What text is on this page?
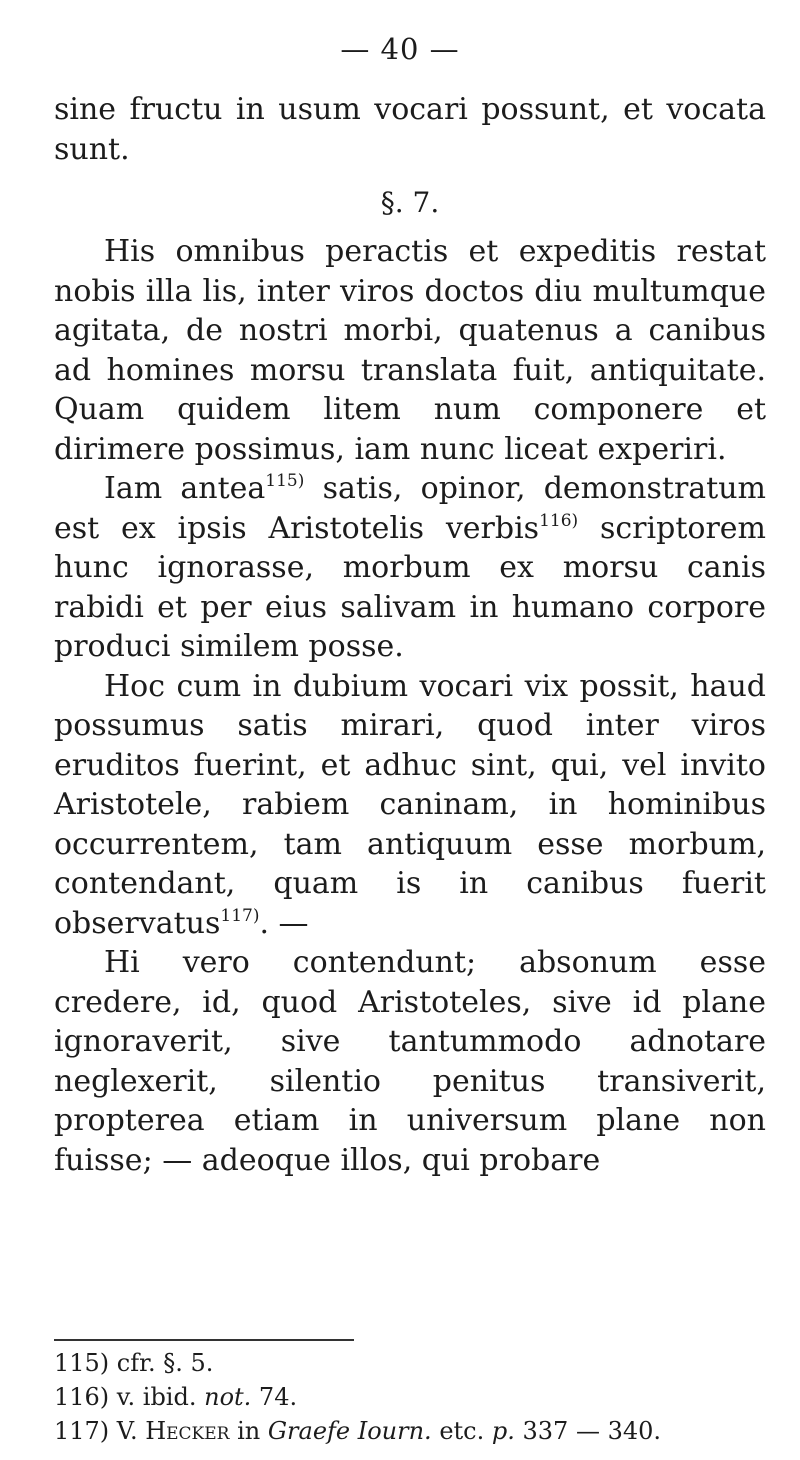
— 40 —

sine fructu in usum vocari possunt, et vocata sunt.

§. 7.

His omnibus peractis et expeditis restat nobis illa lis, inter viros doctos diu multumque agitata, de nostri morbi, quatenus a canibus ad homines morsu translata fuit, antiquitate. Quam quidem litem num componere et dirimere possimus, iam nunc liceat experiri.

Iam antea$^{115)}$ satis, opinor, demonstratum est ex ipsis Aristotelis verbis$^{116)}$ scriptorem hunc ignorasse, morbum ex morsu canis rabidi et per eius salivam in humano corpore produci similem posse.

Hoc cum in dubium vocari vix possit, haud possumus satis mirari, quod inter viros eruditos fuerint, et adhuc sint, qui, vel invito Aristotele, rabiem caninam, in hominibus occurrentem, tam antiquum esse morbum, contendant, quam is in canibus fuerit observatus$^{117)}$. —

Hi vero contendunt; absonum esse credere, id, quod Aristoteles, sive id plane ignoraverit, sive tantummodo adnotare neglexerit, silentio penitus transiverit, propterea etiam in universum plane non fuisse; — adeoque illos, qui probare

115) cfr. §. 5.

116) v. ibid. not. 74.

117) V. Hecker in Graefe Iourn. etc. p. 337 — 340.
